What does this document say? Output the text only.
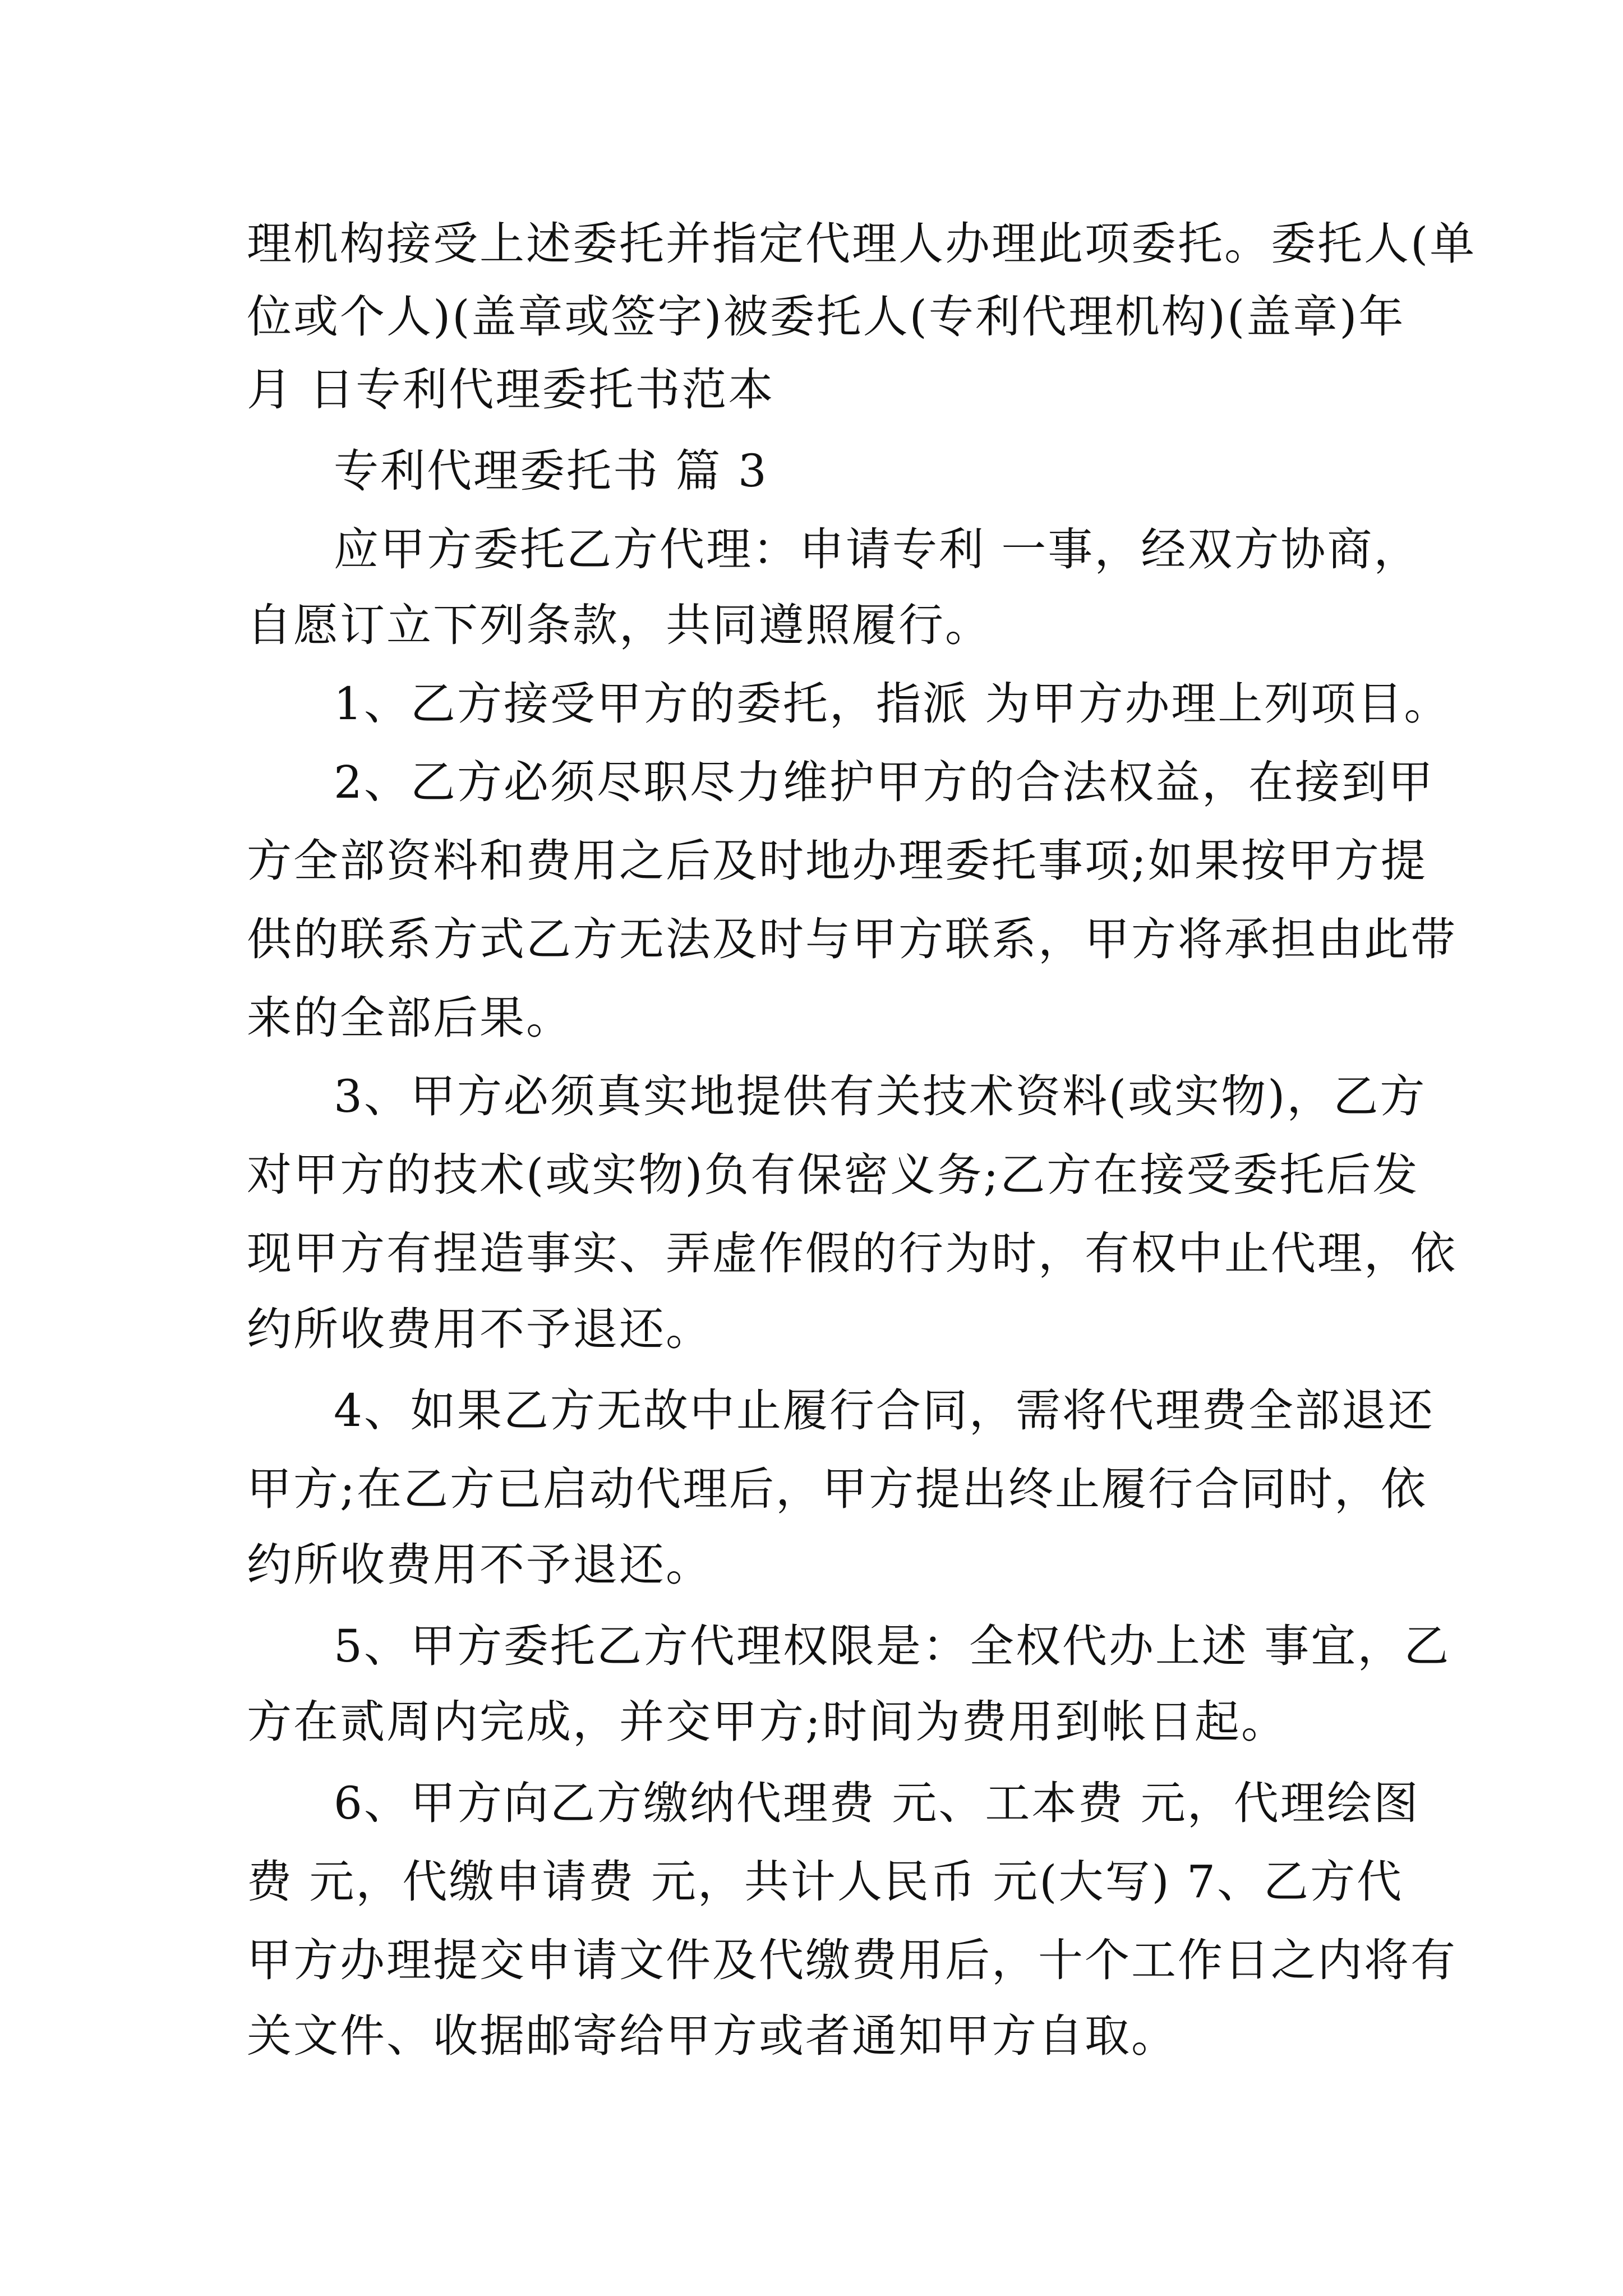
理机构接受上述委托并指定代理人办理此项委托。委托人(单
位或个人)(盖章或签字)被委托人(专利代理机构)(盖章)年
月 日专利代理委托书范本
专利代理委托书 篇 3
应甲方委托乙方代理：申请专利 一事，经双方协商，
自愿订立下列条款，共同遵照履行。
1、乙方接受甲方的委托，指派 为甲方办理上列项目。
2、乙方必须尽职尽力维护甲方的合法权益，在接到甲
方全部资料和费用之后及时地办理委托事项;如果按甲方提
供的联系方式乙方无法及时与甲方联系，甲方将承担由此带
来的全部后果。
3、甲方必须真实地提供有关技术资料(或实物)，乙方
对甲方的技术(或实物)负有保密义务;乙方在接受委托后发
现甲方有捏造事实、弄虚作假的行为时，有权中止代理，依
约所收费用不予退还。
4、如果乙方无故中止履行合同，需将代理费全部退还
甲方;在乙方已启动代理后，甲方提出终止履行合同时，依
约所收费用不予退还。
5、甲方委托乙方代理权限是：全权代办上述 事宜，乙
方在贰周内完成，并交甲方;时间为费用到帐日起。
6、甲方向乙方缴纳代理费 元、工本费 元，代理绘图
费 元，代缴申请费 元，共计人民币 元(大写) 7、乙方代
甲方办理提交申请文件及代缴费用后，十个工作日之内将有
关文件、收据邮寄给甲方或者通知甲方自取。
